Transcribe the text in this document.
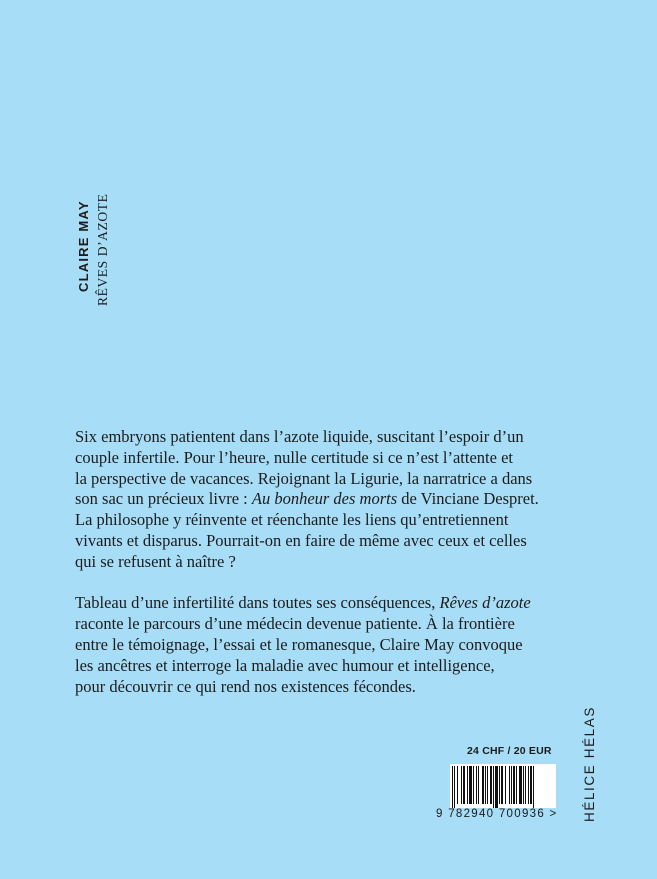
CLAIRE MAY RÊVES D’AZOTE

Six embryons patientent dans l’azote liquide, suscitant l’espoir d’un
couple infertile. Pour l’heure, nulle certitude si ce n’est l’attente et
la perspective de vacances. Rejoignant la Ligurie, la narratrice a dans
son sac un précieux livre : Au bonheur des morts de Vinciane Despret.
La philosophe y réinvente et réenchante les liens qu’entretiennent
vivants et disparus. Pourrait-on en faire de même avec ceux et celles
qui se refusent à naître ?

Tableau d’une infertilité dans toutes ses conséquences, Rêves d’azote
raconte le parcours d’une médecin devenue patiente. À la frontière
entre le témoignage, l’essai et le romanesque, Claire May convoque
les ancêtres et interroge la maladie avec humour et intelligence,
pour découvrir ce qui rend nos existences fécondes.

24 CHF / 20 EUR
9 782940 700936 > HÉLICE HÉLAS
